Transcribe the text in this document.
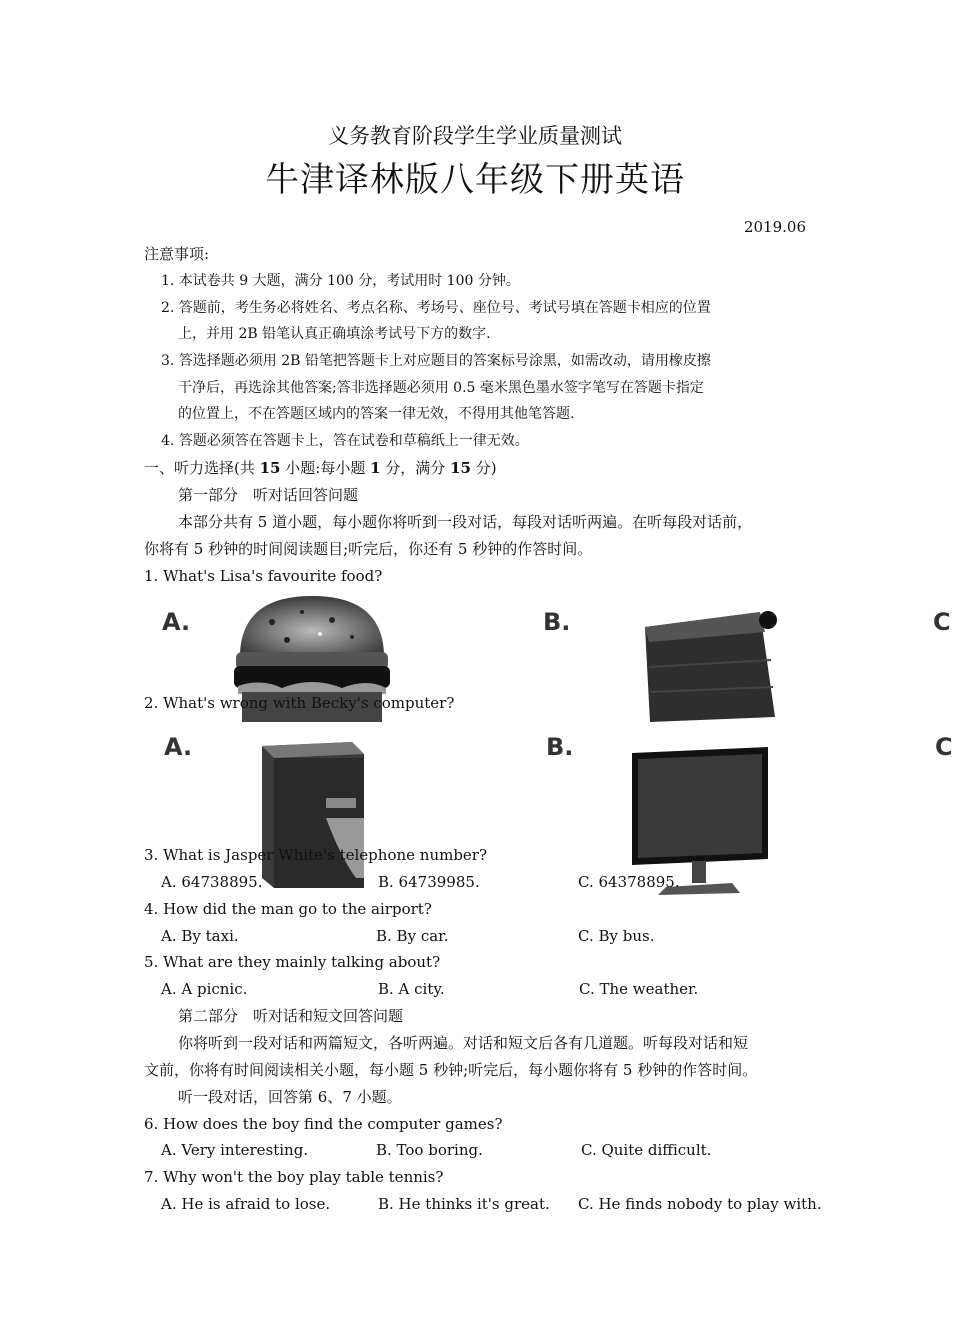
义务教育阶段学生学业质量测试
牛津译林版八年级下册英语
2019.06
注意事项:
1. 本试卷共 9 大题，满分 100 分，考试用时 100 分钟。
2. 答题前，考生务必将姓名、考点名称、考场号、座位号、考试号填在答题卡相应的位置
上，并用 2B 铅笔认真正确填涂考试号下方的数字.
3. 答选择题必须用 2B 铅笔把答题卡上对应题目的答案标号涂黑，如需改动，请用橡皮擦
干净后，再选涂其他答案;答非选择题必须用 0.5 毫米黑色墨水签字笔写在答题卡指定
的位置上，不在答题区域内的答案一律无效，不得用其他笔答题.
4. 答题必须答在答题卡上，答在试卷和草稿纸上一律无效。
一、听力选择(共 15 小题:每小题 1 分，满分 15 分)
第一部分　听对话回答问题
本部分共有 5 道小题，每小题你将听到一段对话，每段对话听两遍。在听每段对话前，
你将有 5 秒钟的时间阅读题目;听完后，你还有 5 秒钟的作答时间。
1. What's Lisa's favourite food?
A.	B.	C
2. What's wrong with Becky's computer?
A.	B.	C
3. What is Jasper White's telephone number?
A. 64738895.	B. 64739985.	C. 64378895.
4. How did the man go to the airport?
A. By taxi.	B. By car.	C. By bus.
5. What are they mainly talking about?
A. A picnic.	B. A city.	C. The weather.
第二部分　听对话和短文回答问题
你将听到一段对话和两篇短文，各听两遍。对话和短文后各有几道题。听每段对话和短
文前，你将有时间阅读相关小题，每小题 5 秒钟;听完后，每小题你将有 5 秒钟的作答时间。
听一段对话，回答第 6、7 小题。
6. How does the boy find the computer games?
A. Very interesting.	B. Too boring.	C. Quite difficult.
7. Why won't the boy play table tennis?
A. He is afraid to lose.	B. He thinks it's great. C. He finds nobody to play with.
